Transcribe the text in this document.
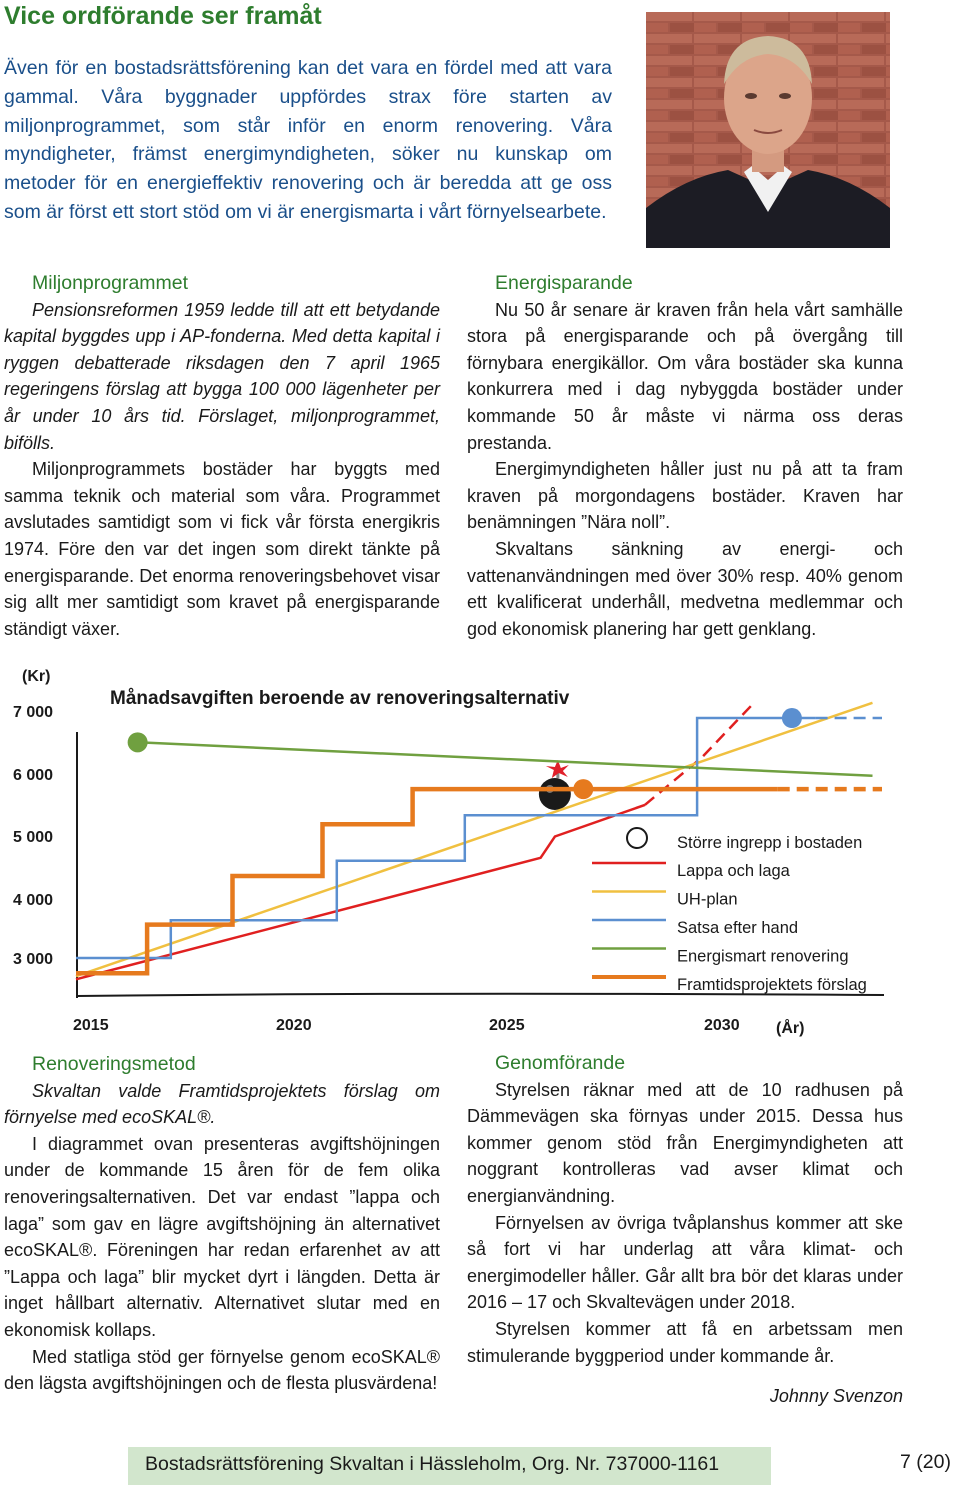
Vice ordförande ser framåt
Även för en bostadsrättsförening kan det vara en fördel med att vara gammal. Våra byggnader uppfördes strax före starten av miljonprogrammet, som står inför en enorm renovering. Våra myndigheter, främst energimyndigheten, söker nu kunskap om metoder för en energieffektiv renovering och är beredda att ge oss som är först ett stort stöd om vi är energismarta i vårt förnyelsearbete.

Miljonprogrammet

Pensionsreformen 1959 ledde till att ett betydande kapital byggdes upp i AP-fonderna. Med detta kapital i ryggen debatterade riksdagen den 7 april 1965 regeringens förslag att bygga 100 000 lägenheter per år under 10 års tid. Förslaget, miljonprogrammet, bifölls.

Miljonprogrammets bostäder har byggts med samma teknik och material som våra. Programmet avslutades samtidigt som vi fick vår första energikris 1974. Före den var det ingen som direkt tänkte på energisparande. Det enorma renoveringsbehovet visar sig allt mer samtidigt som kravet på energisparande ständigt växer.

Energisparande

Nu 50 år senare är kraven från hela vårt samhälle stora på energisparande och på övergång till förnybara energikällor. Om våra bostäder ska kunna konkurrera med i dag nybyggda bostäder under kommande 50 år måste vi närma oss deras prestanda.

Energimyndigheten håller just nu på att ta fram kraven på morgondagens bostäder. Kraven har benämningen ”Nära noll”.

Skvaltans sänkning av energi- och vattenanvändningen med över 30% resp. 40% genom ett kvalificerat underhåll, medvetna medlemmar och god ekonomisk planering har gett genklang.

(Kr)
Månadsavgiften beroende av renoveringsalternativ
(År)
7 000
6 000
5 000
4 000
3 000
2015	2020	2025	2030
Större ingrepp i bostaden
Lappa och laga
UH-plan
Satsa efter hand
Energismart renovering
Framtidsprojektets förslag

Renoveringsmetod

Skvaltan valde Framtidsprojektets förslag om förnyelse med ecoSKAL®.

I diagrammet ovan presenteras avgiftshöjningen under de kommande 15 åren för de fem olika renoveringsalternativen. Det var endast ”lappa och laga” som gav en lägre avgiftshöjning än alternativet ecoSKAL®. Föreningen har redan erfarenhet av att ”Lappa och laga” blir mycket dyrt i längden. Detta är inget hållbart alternativ. Alternativet slutar med en ekonomisk kollaps.

Med statliga stöd ger förnyelse genom ecoSKAL® den lägsta avgiftshöjningen och de flesta plusvärdena!

Genomförande

Styrelsen räknar med att de 10 radhusen på Dämmevägen ska förnyas under 2015. Dessa hus kommer genom stöd från Energimyndigheten att noggrant kontrolleras vad avser klimat och energianvändning.

Förnyelsen av övriga tvåplanshus kommer att ske så fort vi har underlag att våra klimat- och energimodeller håller. Går allt bra bör det klaras under 2016 – 17 och Skvaltevägen under 2018.

Styrelsen kommer att få en arbetssam men stimulerande byggperiod under kommande år.

Johnny Svenzon

Bostadsrättsförening Skvaltan i Hässleholm, Org. Nr. 737000-1161	7 (20)
